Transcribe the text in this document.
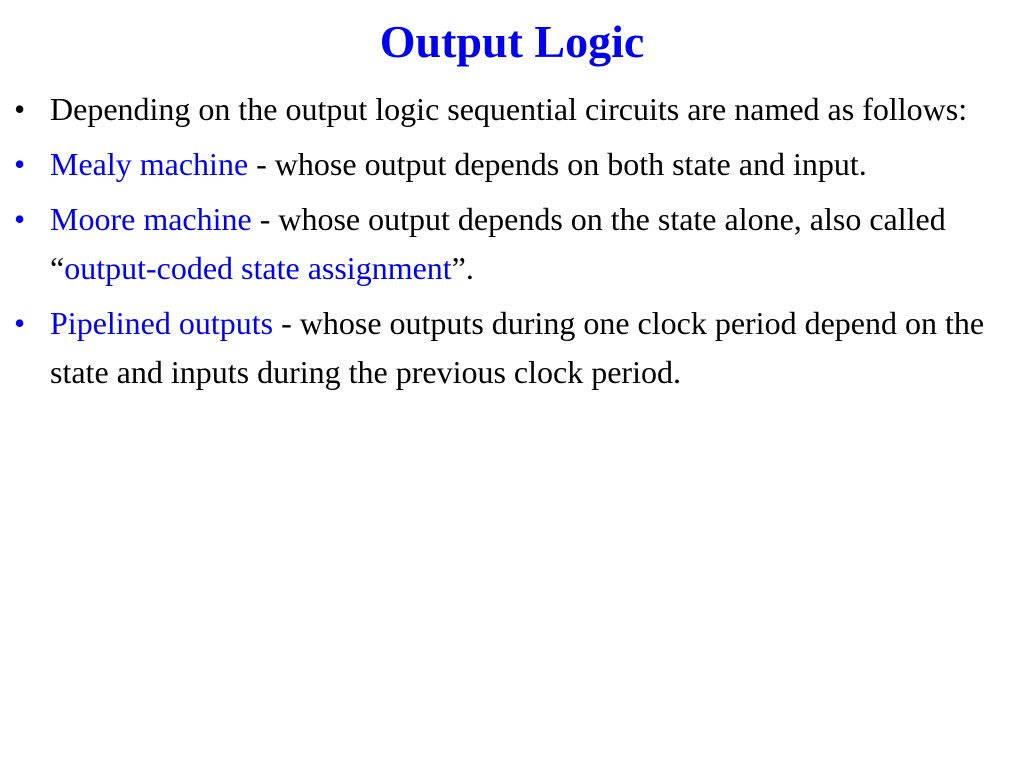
Output Logic
• Depending on the output logic sequential circuits are named as follows:
• Mealy machine - whose output depends on both state and input.
• Moore machine - whose output depends on the state alone, also called “output-coded state assignment”.
• Pipelined outputs - whose outputs during one clock period depend on the state and inputs during the previous clock period.
